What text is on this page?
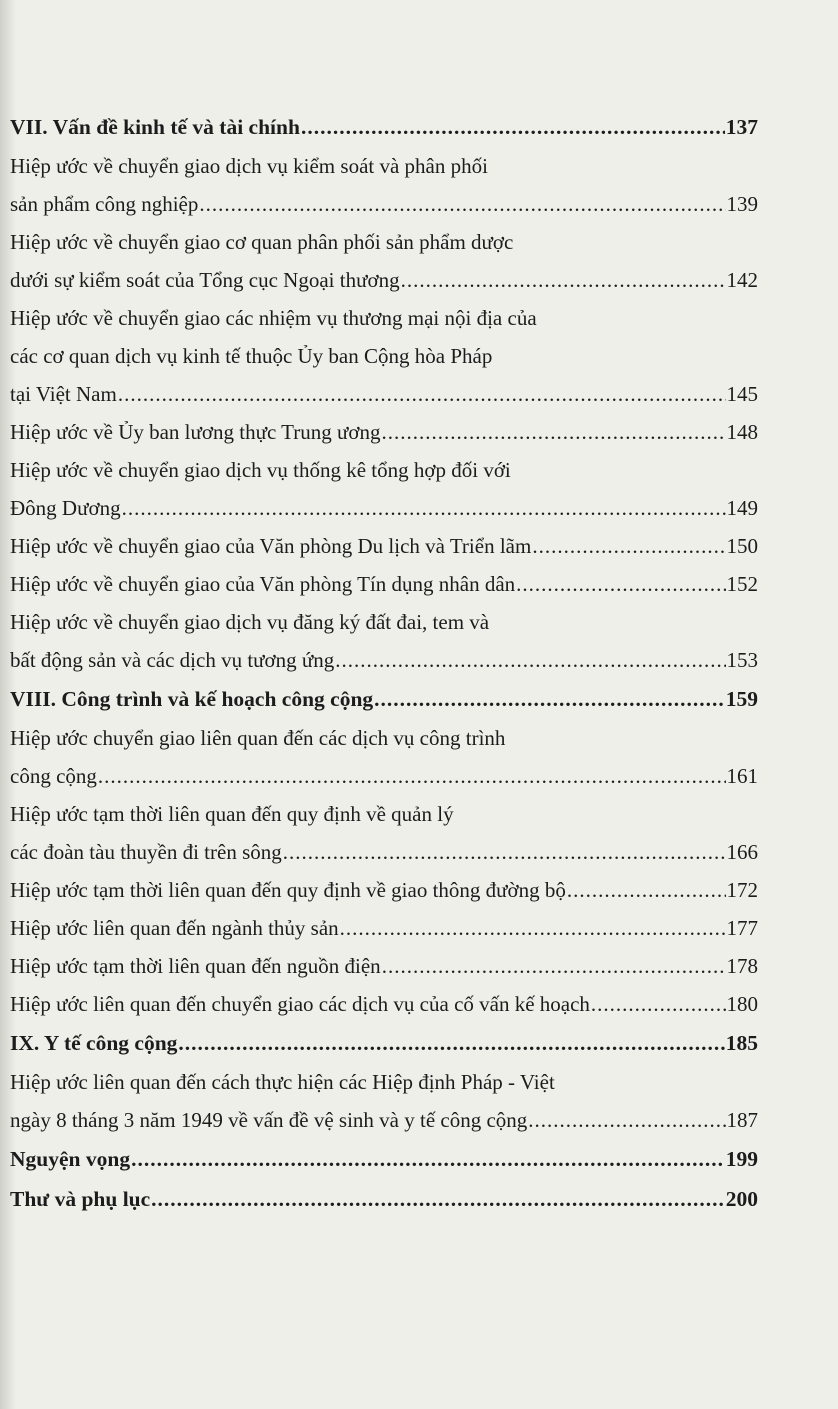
VII. Vấn đề kinh tế và tài chính .....	137
Hiệp ước về chuyển giao dịch vụ kiểm soát và phân phối
sản phẩm công nghiệp .....	139
Hiệp ước về chuyển giao cơ quan phân phối sản phẩm dược
dưới sự kiểm soát của Tổng cục Ngoại thương .....	142
Hiệp ước về chuyển giao các nhiệm vụ thương mại nội địa của
các cơ quan dịch vụ kinh tế thuộc Ủy ban Cộng hòa Pháp
tại Việt Nam .....	145
Hiệp ước về Ủy ban lương thực Trung ương .....	148
Hiệp ước về chuyển giao dịch vụ thống kê tổng hợp đối với
Đông Dương .....	149
Hiệp ước về chuyển giao của Văn phòng Du lịch và Triển lãm .....	150
Hiệp ước về chuyển giao của Văn phòng Tín dụng nhân dân .....	152
Hiệp ước về chuyển giao dịch vụ đăng ký đất đai, tem và
bất động sản và các dịch vụ tương ứng .....	153
VIII. Công trình và kế hoạch công cộng .....	159
Hiệp ước chuyển giao liên quan đến các dịch vụ công trình
công cộng .....	161
Hiệp ước tạm thời liên quan đến quy định về quản lý
các đoàn tàu thuyền đi trên sông .....	166
Hiệp ước tạm thời liên quan đến quy định về giao thông đường bộ .....	172
Hiệp ước liên quan đến ngành thủy sản .....	177
Hiệp ước tạm thời liên quan đến nguồn điện .....	178
Hiệp ước liên quan đến chuyển giao các dịch vụ của cố vấn kế hoạch .....	180
IX. Y tế công cộng .....	185
Hiệp ước liên quan đến cách thực hiện các Hiệp định Pháp - Việt
ngày 8 tháng 3 năm 1949 về vấn đề vệ sinh và y tế công cộng .....	187
Nguyện vọng .....	199
Thư và phụ lục .....	200
